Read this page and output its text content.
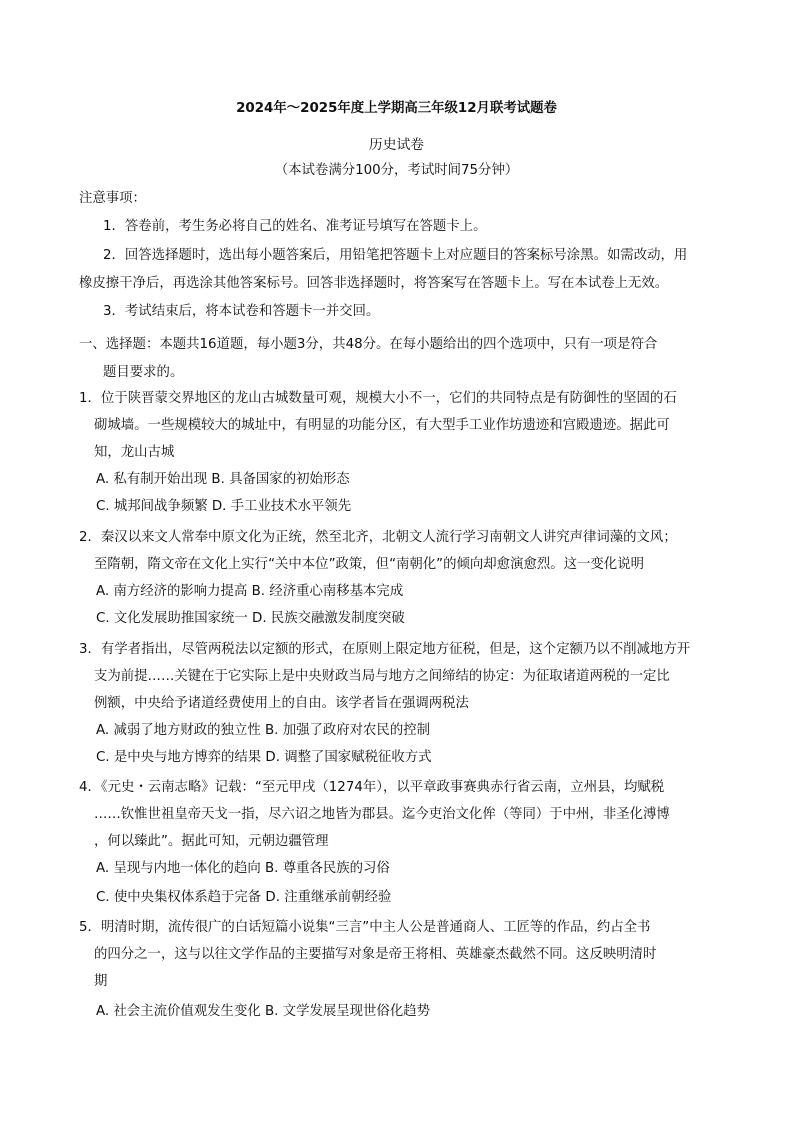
2024年～2025年度上学期高三年级12月联考试题卷
历史试卷
（本试卷满分100分，考试时间75分钟）
注意事项：
1．答卷前，考生务必将自己的姓名、准考证号填写在答题卡上。
2．回答选择题时，选出每小题答案后，用铅笔把答题卡上对应题目的答案标号涂黑。如需改动，用
橡皮擦干净后，再选涂其他答案标号。回答非选择题时，将答案写在答题卡上。写在本试卷上无效。
3．考试结束后，将本试卷和答题卡一并交回。
一、选择题：本题共16道题，每小题3分，共48分。在每小题给出的四个选项中，只有一项是符合
题目要求的。
1．位于陕晋蒙交界地区的龙山古城数量可观，规模大小不一，它们的共同特点是有防御性的坚固的石
砌城墙。一些规模较大的城址中，有明显的功能分区，有大型手工业作坊遗迹和宫殿遗迹。据此可
知，龙山古城
A. 私有制开始出现 B. 具备国家的初始形态
C. 城邦间战争频繁 D. 手工业技术水平领先
2．秦汉以来文人常奉中原文化为正统，然至北齐，北朝文人流行学习南朝文人讲究声律词藻的文风；
至隋朝，隋文帝在文化上实行“关中本位”政策，但“南朝化”的倾向却愈演愈烈。这一变化说明
A. 南方经济的影响力提高 B. 经济重心南移基本完成
C. 文化发展助推国家统一 D. 民族交融激发制度突破
3．有学者指出，尽管两税法以定额的形式，在原则上限定地方征税，但是，这个定额乃以不削减地方开
支为前提……关键在于它实际上是中央财政当局与地方之间缔结的协定：为征取诸道两税的一定比
例额，中央给予诸道经费使用上的自由。该学者旨在强调两税法
A. 减弱了地方财政的独立性 B. 加强了政府对农民的控制
C. 是中央与地方博弈的结果 D. 调整了国家赋税征收方式
4．《元史・云南志略》记载：“至元甲戌（1274年），以平章政事赛典赤行省云南，立州县，均赋税
……钦惟世祖皇帝天戈一指，尽六诏之地皆为郡县。迄今吏治文化侔（等同）于中州，非圣化溥博
，何以臻此”。据此可知，元朝边疆管理
A. 呈现与内地一体化的趋向 B. 尊重各民族的习俗
C. 使中央集权体系趋于完备 D. 注重继承前朝经验
5．明清时期，流传很广的白话短篇小说集“三言”中主人公是普通商人、工匠等的作品，约占全书
的四分之一，这与以往文学作品的主要描写对象是帝王将相、英雄豪杰截然不同。这反映明清时
期
A. 社会主流价值观发生变化 B. 文学发展呈现世俗化趋势
